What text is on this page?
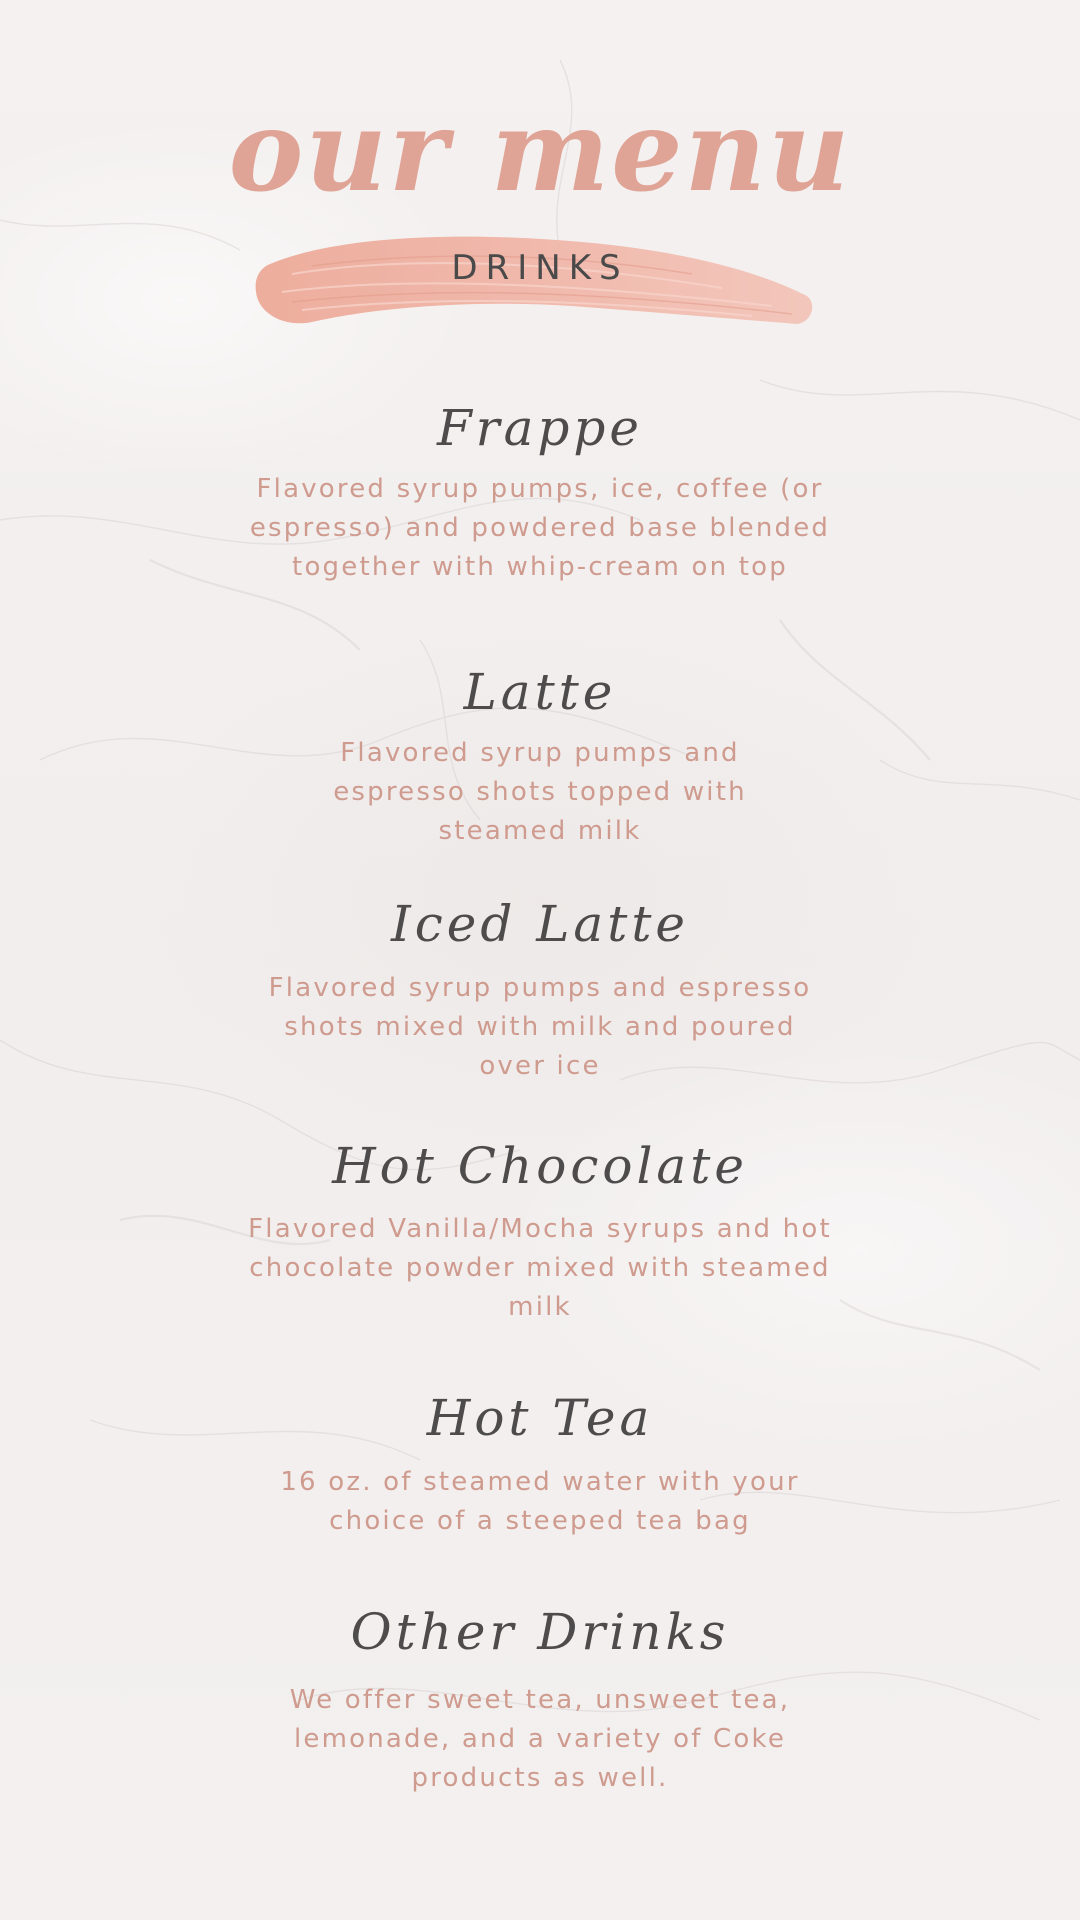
our menu
DRINKS
Frappe
Flavored syrup pumps, ice, coffee (or espresso) and powdered base blended together with whip-cream on top
Latte
Flavored syrup pumps and espresso shots topped with steamed milk
Iced Latte
Flavored syrup pumps and espresso shots mixed with milk and poured over ice
Hot Chocolate
Flavored Vanilla/Mocha syrups and hot chocolate powder mixed with steamed milk
Hot Tea
16 oz. of steamed water with your choice of a steeped tea bag
Other Drinks
We offer sweet tea, unsweet tea, lemonade, and a variety of Coke products as well.
